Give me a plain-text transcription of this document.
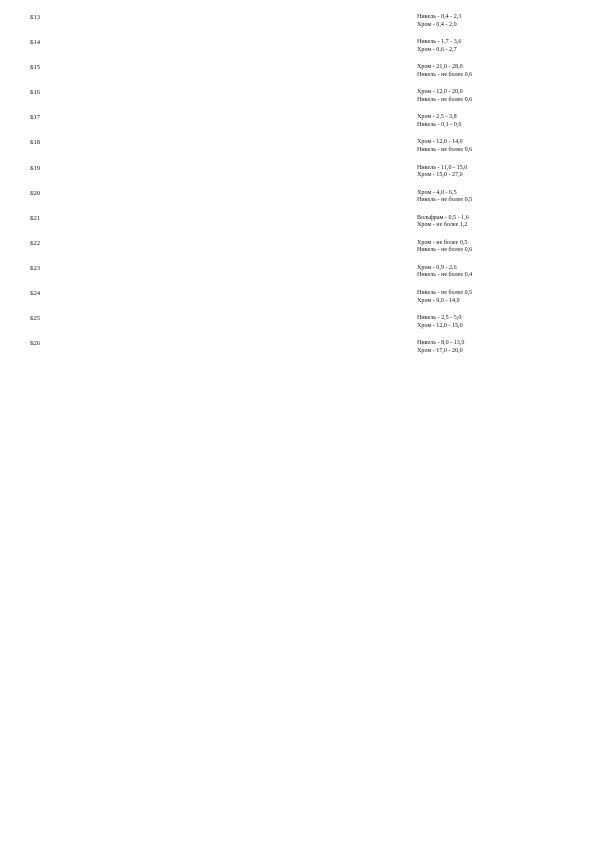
Б13			Никель - 0,4 - 2,3
Хром - 0,4 - 2,0
Б14			Никель - 1,7 - 3,6
Хром - 0,6 - 2,7
Б15			Хром - 21,0 - 28,0
Никель - не более 0,6
Б16			Хром - 12,0 - 20,0
Никель - не более 0,6
Б17			Хром - 2,5 - 3,8
Никель - 0,1 - 0,6
Б18			Хром - 12,0 - 14,0
Никель - не более 0,6
Б19			Никель - 11,0 - 15,0
Хром - 15,0 - 27,0
Б20			Хром - 4,0 - 6,5
Никель - не более 0,5
Б21			Вольфрам - 0,5 - 1,6
Хром - не более 1,2
Б22			Хром - не более 0,5
Никель - не более 0,6
Б23			Хром - 0,9 - 2,6
Никель - не более 0,4
Б24			Никель - не более 0,5
Хром - 9,0 - 14,0
Б25			Никель - 2,5 - 5,0
Хром - 12,0 - 15,0
Б26			Никель - 8,0 - 13,0
Хром - 17,0 - 20,0
